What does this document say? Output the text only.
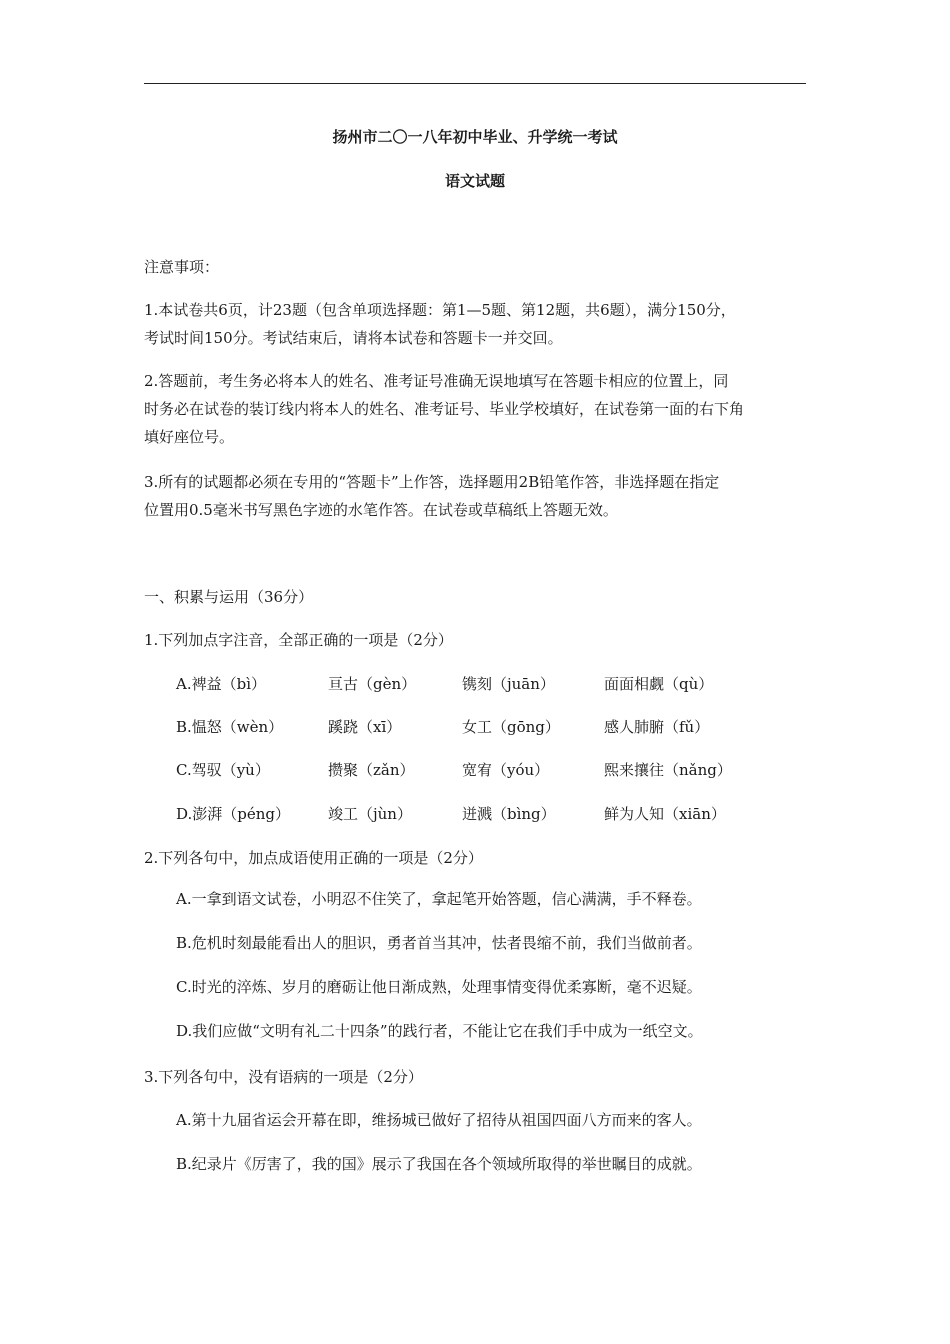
扬州市二〇一八年初中毕业、升学统一考试
语文试题
注意事项：
1.本试卷共6页，计23题（包含单项选择题：第1—5题、第12题，共6题），满分150分，
考试时间150分。考试结束后，请将本试卷和答题卡一并交回。
2.答题前，考生务必将本人的姓名、准考证号准确无误地填写在答题卡相应的位置上，同
时务必在试卷的装订线内将本人的姓名、准考证号、毕业学校填好，在试卷第一面的右下角
填好座位号。
3.所有的试题都必须在专用的“答题卡”上作答，选择题用2B铅笔作答，非选择题在指定
位置用0.5毫米书写黑色字迹的水笔作答。在试卷或草稿纸上答题无效。
一、积累与运用（36分）
1.下列加点字注音，全部正确的一项是（2分）
A.裨益（bì）	亘古（gèn）	镌刻（juān）	面面相觑（qù）
B.愠怒（wèn）	蹊跷（xī）	女工（gōng）	感人肺腑（fǔ）
C.驾驭（yù）	攒聚（zǎn）	宽宥（yóu）	熙来攘往（nǎng）
D.澎湃（péng）	竣工（jùn）	迸溅（bìng）	鲜为人知（xiān）
2.下列各句中，加点成语使用正确的一项是（2分）
A.一拿到语文试卷，小明忍不住笑了，拿起笔开始答题，信心满满，手不释卷。
B.危机时刻最能看出人的胆识，勇者首当其冲，怯者畏缩不前，我们当做前者。
C.时光的淬炼、岁月的磨砺让他日渐成熟，处理事情变得优柔寡断，毫不迟疑。
D.我们应做“文明有礼二十四条”的践行者，不能让它在我们手中成为一纸空文。
3.下列各句中，没有语病的一项是（2分）
A.第十九届省运会开幕在即，维扬城已做好了招待从祖国四面八方而来的客人。
B.纪录片《厉害了，我的国》展示了我国在各个领域所取得的举世瞩目的成就。
